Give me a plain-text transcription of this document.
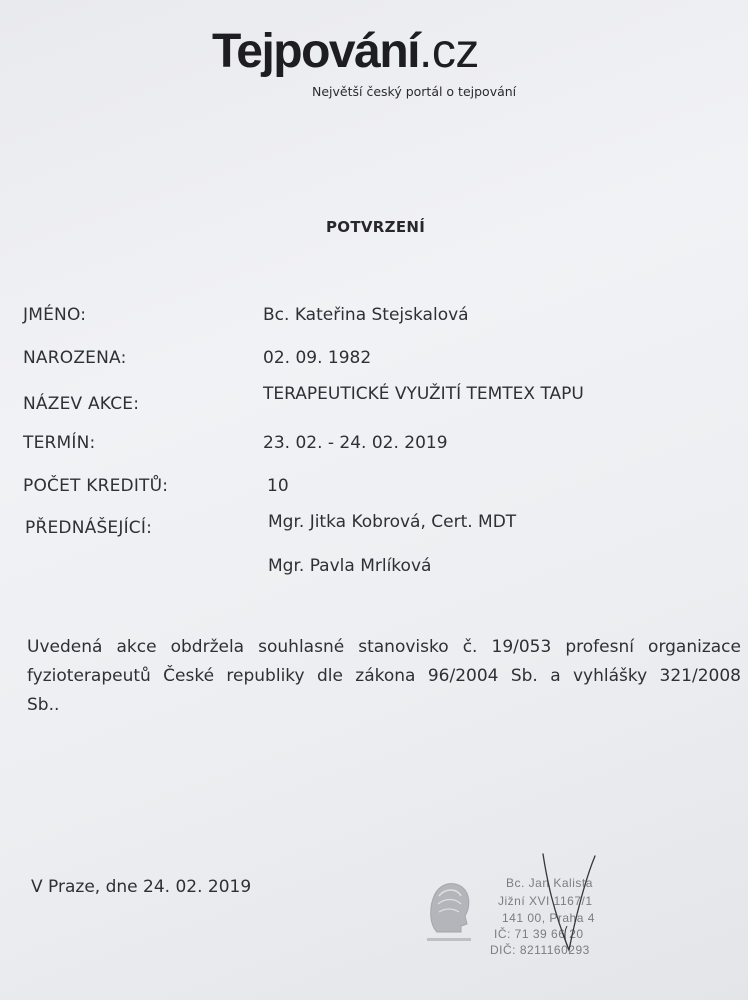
Tejpování.cz
Největší český portál o tejpování
POTVRZENÍ
JMÉNO:	Bc. Kateřina Stejskalová
NAROZENA:	02. 09. 1982
NÁZEV AKCE:	TERAPEUTICKÉ VYUŽITÍ TEMTEX TAPU
TERMÍN:	23. 02. - 24. 02. 2019
POČET KREDITŮ:	10
PŘEDNÁŠEJÍCÍ:	Mgr. Jitka Kobrová, Cert. MDT
Mgr. Pavla Mrlíková
Uvedená akce obdržela souhlasné stanovisko č. 19/053 profesní organizace
fyzioterapeutů České republiky dle zákona 96/2004 Sb. a vyhlášky 321/2008
Sb..
V Praze, dne 24. 02. 2019	Bc. Jan Kalista
Jižní XVI 1167/1
141 00, Praha 4
IČ: 71 39 66 20
DIČ: 8211160293
